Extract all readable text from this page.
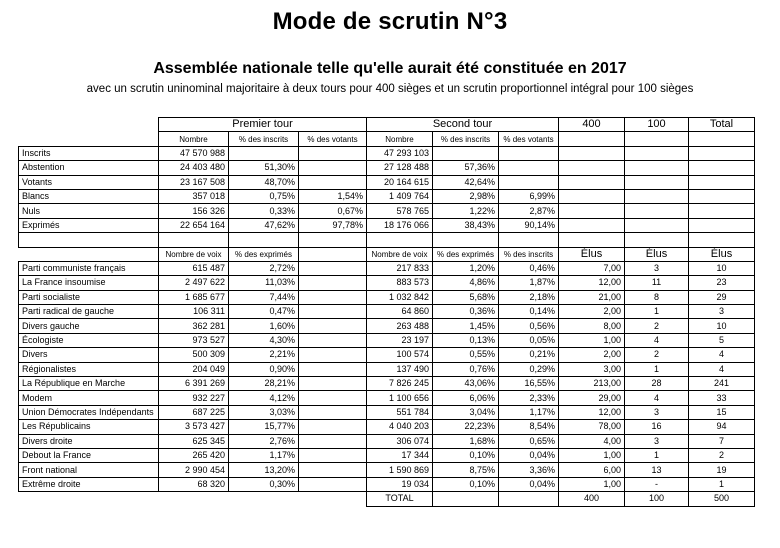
Mode de scrutin N°3
Assemblée nationale telle qu'elle aurait été constituée en 2017
avec un scrutin uninominal majoritaire à deux tours pour 400 sièges et un scrutin proportionnel intégral pour 100 sièges
	Premier tour			Second tour			400	100	Total
	Nombre	% des inscrits	% des votants	Nombre	% des inscrits	% des votants			
Inscrits	47 570 988			47 293 103					
Abstention	24 403 480	51,30%		27 128 488	57,36%				
Votants	23 167 508	48,70%		20 164 615	42,64%				
Blancs	357 018	0,75%	1,54%	1 409 764	2,98%	6,99%			
Nuls	156 326	0,33%	0,67%	578 765	1,22%	2,87%			
Exprimés	22 654 164	47,62%	97,78%	18 176 066	38,43%	90,14%			

	Nombre de voix	% des exprimés		Nombre de voix	% des exprimés	% des inscrits	Élus	Élus	Élus
Parti communiste français	615 487	2,72%		217 833	1,20%	0,46%	7,00	3	10
La France insoumise	2 497 622	11,03%		883 573	4,86%	1,87%	12,00	11	23
Parti socialiste	1 685 677	7,44%		1 032 842	5,68%	2,18%	21,00	8	29
Parti radical de gauche	106 311	0,47%		64 860	0,36%	0,14%	2,00	1	3
Divers gauche	362 281	1,60%		263 488	1,45%	0,56%	8,00	2	10
Écologiste	973 527	4,30%		23 197	0,13%	0,05%	1,00	4	5
Divers	500 309	2,21%		100 574	0,55%	0,21%	2,00	2	4
Régionalistes	204 049	0,90%		137 490	0,76%	0,29%	3,00	1	4
La République en Marche	6 391 269	28,21%		7 826 245	43,06%	16,55%	213,00	28	241
Modem	932 227	4,12%		1 100 656	6,06%	2,33%	29,00	4	33
Union Démocrates Indépendants	687 225	3,03%		551 784	3,04%	1,17%	12,00	3	15
Les Républicains	3 573 427	15,77%		4 040 203	22,23%	8,54%	78,00	16	94
Divers droite	625 345	2,76%		306 074	1,68%	0,65%	4,00	3	7
Debout la France	265 420	1,17%		17 344	0,10%	0,04%	1,00	1	2
Front national	2 990 454	13,20%		1 590 869	8,75%	3,36%	6,00	13	19
Extrême droite	68 320	0,30%		19 034	0,10%	0,04%	1,00	-	1
				TOTAL			400	100	500
